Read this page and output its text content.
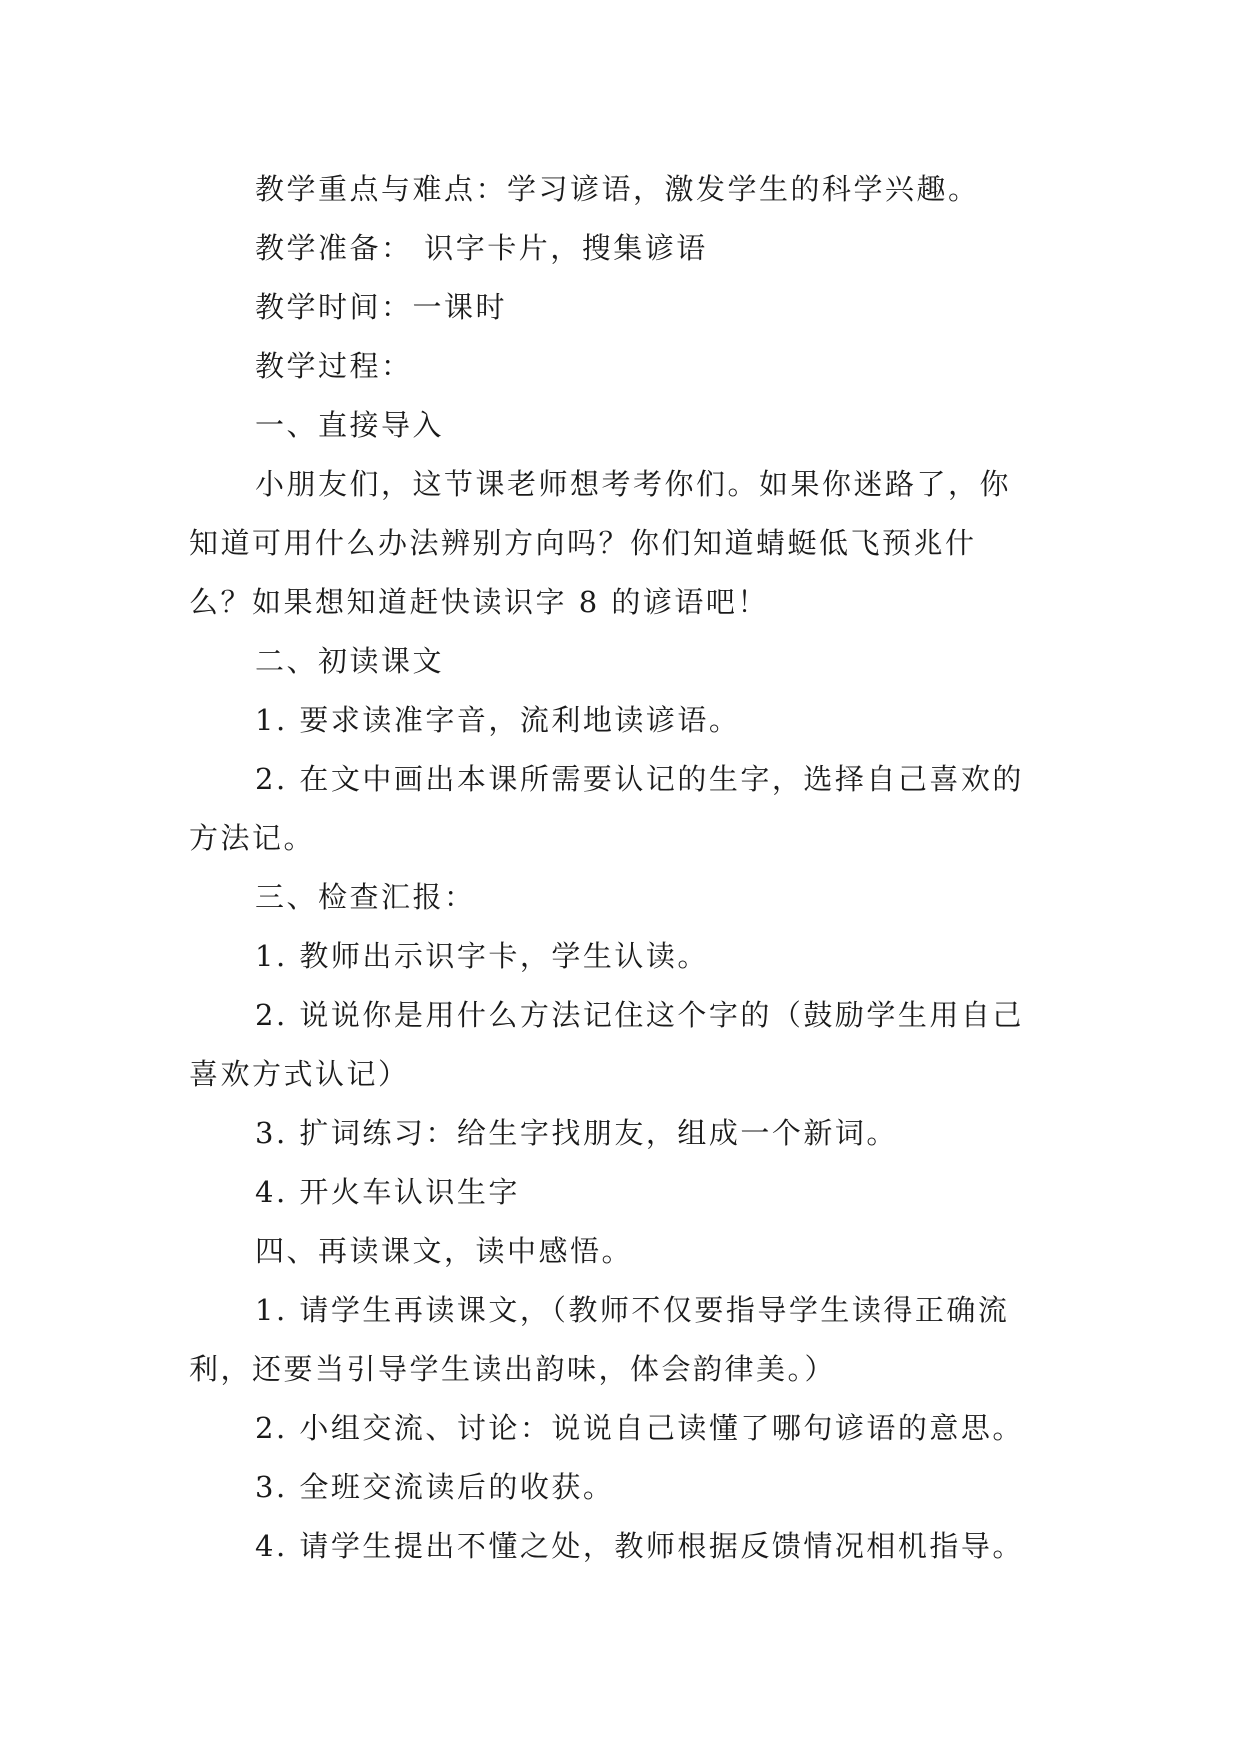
教学重点与难点：学习谚语，激发学生的科学兴趣。
教学准备： 识字卡片，搜集谚语
教学时间：一课时
教学过程：
一、直接导入
小朋友们，这节课老师想考考你们。如果你迷路了，你
知道可用什么办法辨别方向吗？你们知道蜻蜓低飞预兆什
么？如果想知道赶快读识字 8 的谚语吧！
二、初读课文
1. 要求读准字音，流利地读谚语。
2. 在文中画出本课所需要认记的生字，选择自己喜欢的
方法记。
三、检查汇报：
1. 教师出示识字卡，学生认读。
2. 说说你是用什么方法记住这个字的（鼓励学生用自己
喜欢方式认记）
3. 扩词练习：给生字找朋友，组成一个新词。
4. 开火车认识生字
四、再读课文，读中感悟。
1. 请学生再读课文，（教师不仅要指导学生读得正确流
利，还要当引导学生读出韵味，体会韵律美。）
2. 小组交流、讨论：说说自己读懂了哪句谚语的意思。
3. 全班交流读后的收获。
4. 请学生提出不懂之处，教师根据反馈情况相机指导。
